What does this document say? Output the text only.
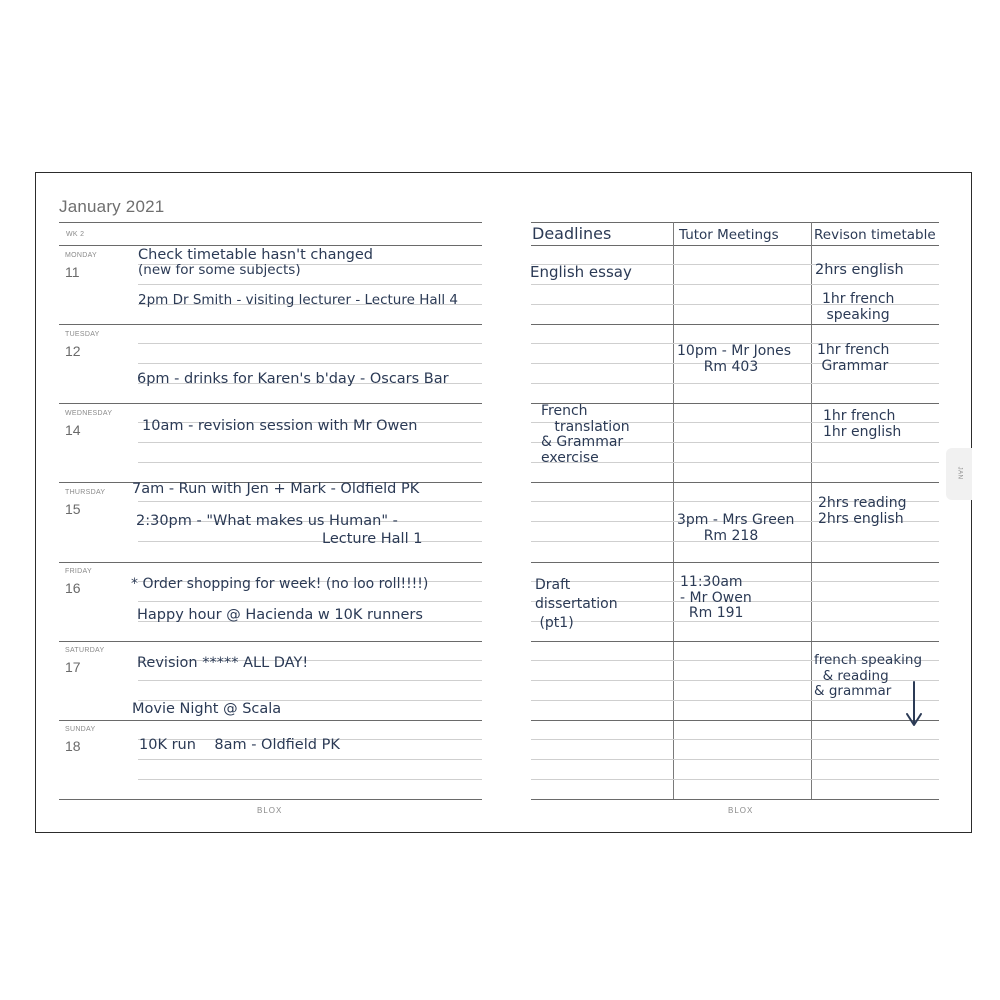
January 2021
WK 2
MONDAY
11
TUESDAY
12
WEDNESDAY
14
THURSDAY
15
FRIDAY
16
SATURDAY
17
SUNDAY
18
Check timetable hasn't changed
(new for some subjects)
2pm Dr Smith - visiting lecturer - Lecture Hall 4
6pm - drinks for Karen's b'day - Oscars Bar
10am - revision session with Mr Owen
7am - Run with Jen + Mark - Oldfield PK
2:30pm - "What makes us Human" -
Lecture Hall 1
* Order shopping for week! (no loo roll!!!!)
Happy hour @ Hacienda w 10K runners
Revision ***** ALL DAY!
Movie Night @ Scala
10K run    8am - Oldfield PK
BLOX
Deadlines	Tutor Meetings	Revison timetable
English essay
French
translation
& Grammar
exercise
Draft
dissertation
(pt1)
10pm - Mr Jones
Rm 403
3pm - Mrs Green
Rm 218
11:30am
- Mr Owen
Rm 191
2hrs english
1hr french
speaking
1hr french
Grammar
1hr french
1hr english
2hrs reading
2hrs english
french speaking
& reading
& grammar
BLOX
JAN
